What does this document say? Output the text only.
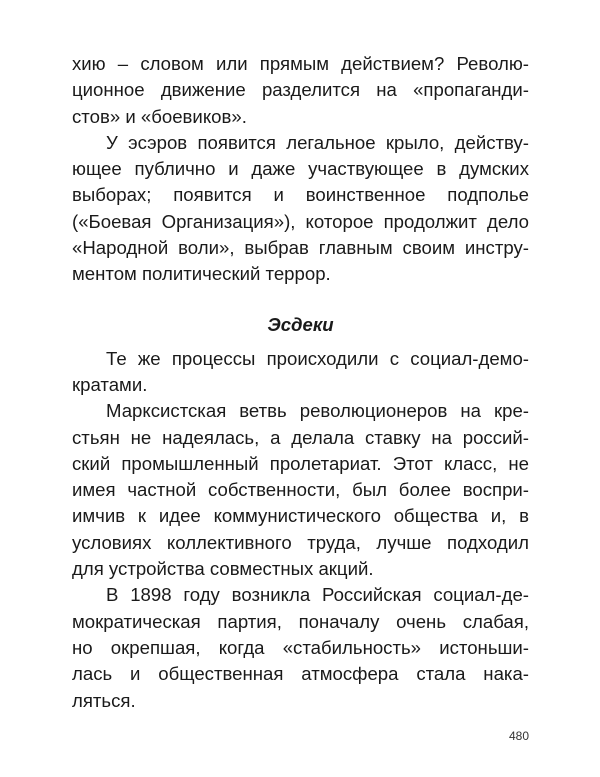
хию – словом или прямым действием? Револю-
ционное движение разделится на «пропаганди-
стов» и «боевиков».
У эсэров появится легальное крыло, действу-
ющее публично и даже участвующее в думских
выборах; появится и воинственное подполье
(«Боевая Организация»), которое продолжит дело
«Народной воли», выбрав главным своим инстру-
ментом политический террор.
Эсдеки
Те же процессы происходили с социал-демо-
кратами.
Марксистская ветвь революционеров на кре-
стьян не надеялась, а делала ставку на россий-
ский промышленный пролетариат. Этот класс, не
имея частной собственности, был более воспри-
имчив к идее коммунистического общества и, в
условиях коллективного труда, лучше подходил
для устройства совместных акций.
В 1898 году возникла Российская социал-де-
мократическая партия, поначалу очень слабая,
но окрепшая, когда «стабильность» истоньши-
лась и общественная атмосфера стала нака-
ляться.
480
